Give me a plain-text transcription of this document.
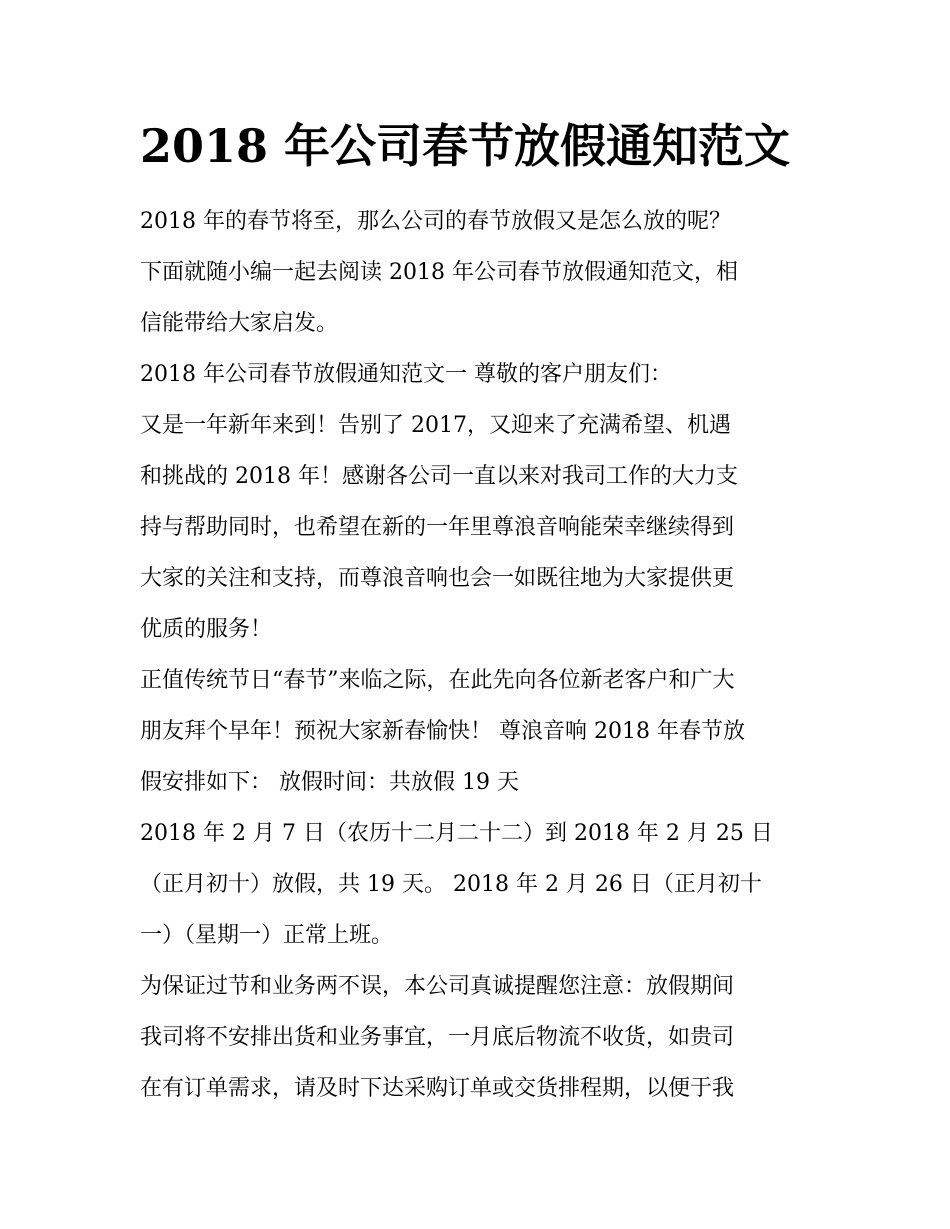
2018 年公司春节放假通知范文
2018 年的春节将至，那么公司的春节放假又是怎么放的呢？
下面就随小编一起去阅读 2018 年公司春节放假通知范文，相
信能带给大家启发。
2018 年公司春节放假通知范文一 尊敬的客户朋友们：
又是一年新年来到！告别了 2017，又迎来了充满希望、机遇
和挑战的 2018 年！感谢各公司一直以来对我司工作的大力支
持与帮助同时，也希望在新的一年里尊浪音响能荣幸继续得到
大家的关注和支持，而尊浪音响也会一如既往地为大家提供更
优质的服务！
正值传统节日“春节”来临之际，在此先向各位新老客户和广大
朋友拜个早年！预祝大家新春愉快！ 尊浪音响 2018 年春节放
假安排如下： 放假时间：共放假 19 天
2018 年 2 月 7 日（农历十二月二十二）到 2018 年 2 月 25 日
（正月初十）放假，共 19 天。 2018 年 2 月 26 日（正月初十
一）（星期一）正常上班。
为保证过节和业务两不误，本公司真诚提醒您注意：放假期间
我司将不安排出货和业务事宜，一月底后物流不收货，如贵司
在有订单需求，请及时下达采购订单或交货排程期，以便于我
